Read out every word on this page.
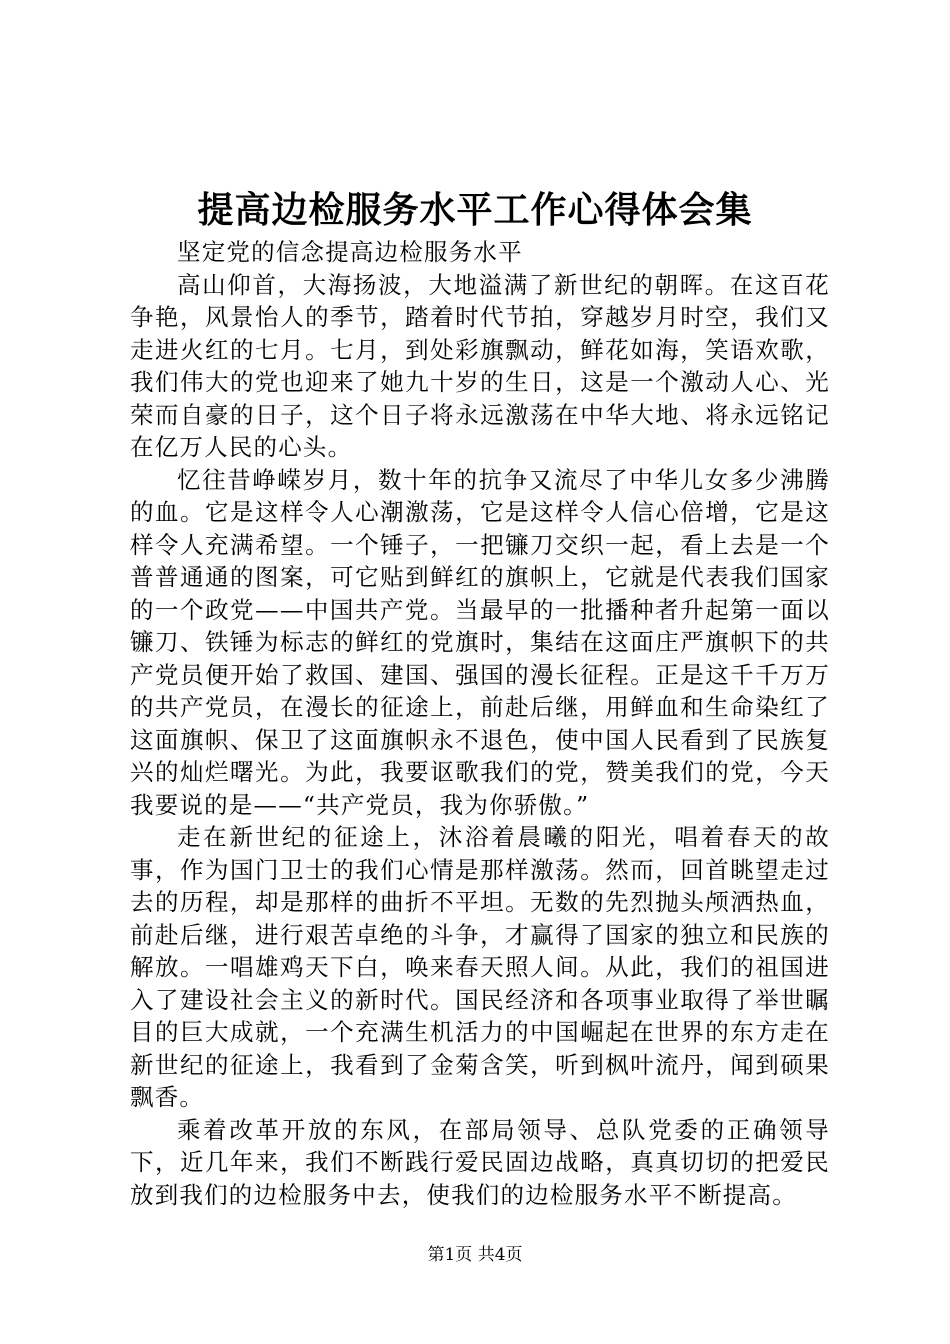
提高边检服务水平工作心得体会集

坚定党的信念提高边检服务水平

高山仰首，大海扬波，大地溢满了新世纪的朝晖。在这百花争艳，风景怡人的季节，踏着时代节拍，穿越岁月时空，我们又走进火红的七月。七月，到处彩旗飘动，鲜花如海，笑语欢歌，我们伟大的党也迎来了她九十岁的生日，这是一个激动人心、光荣而自豪的日子，这个日子将永远激荡在中华大地、将永远铭记在亿万人民的心头。

忆往昔峥嵘岁月，数十年的抗争又流尽了中华儿女多少沸腾的血。它是这样令人心潮激荡，它是这样令人信心倍增，它是这样令人充满希望。一个锤子，一把镰刀交织一起，看上去是一个普普通通的图案，可它贴到鲜红的旗帜上，它就是代表我们国家的一个政党——中国共产党。当最早的一批播种者升起第一面以镰刀、铁锤为标志的鲜红的党旗时，集结在这面庄严旗帜下的共产党员便开始了救国、建国、强国的漫长征程。正是这千千万万的共产党员，在漫长的征途上，前赴后继，用鲜血和生命染红了这面旗帜、保卫了这面旗帜永不退色，使中国人民看到了民族复兴的灿烂曙光。为此，我要讴歌我们的党，赞美我们的党，今天我要说的是——“共产党员，我为你骄傲。”

走在新世纪的征途上，沐浴着晨曦的阳光，唱着春天的故事，作为国门卫士的我们心情是那样激荡。然而，回首眺望走过去的历程，却是那样的曲折不平坦。无数的先烈抛头颅洒热血，前赴后继，进行艰苦卓绝的斗争，才赢得了国家的独立和民族的解放。一唱雄鸡天下白，唤来春天照人间。从此，我们的祖国进入了建设社会主义的新时代。国民经济和各项事业取得了举世瞩目的巨大成就，一个充满生机活力的中国崛起在世界的东方走在新世纪的征途上，我看到了金菊含笑，听到枫叶流丹，闻到硕果飘香。

乘着改革开放的东风，在部局领导、总队党委的正确领导下，近几年来，我们不断践行爱民固边战略，真真切切的把爱民放到我们的边检服务中去，使我们的边检服务水平不断提高。

第1页 共4页
